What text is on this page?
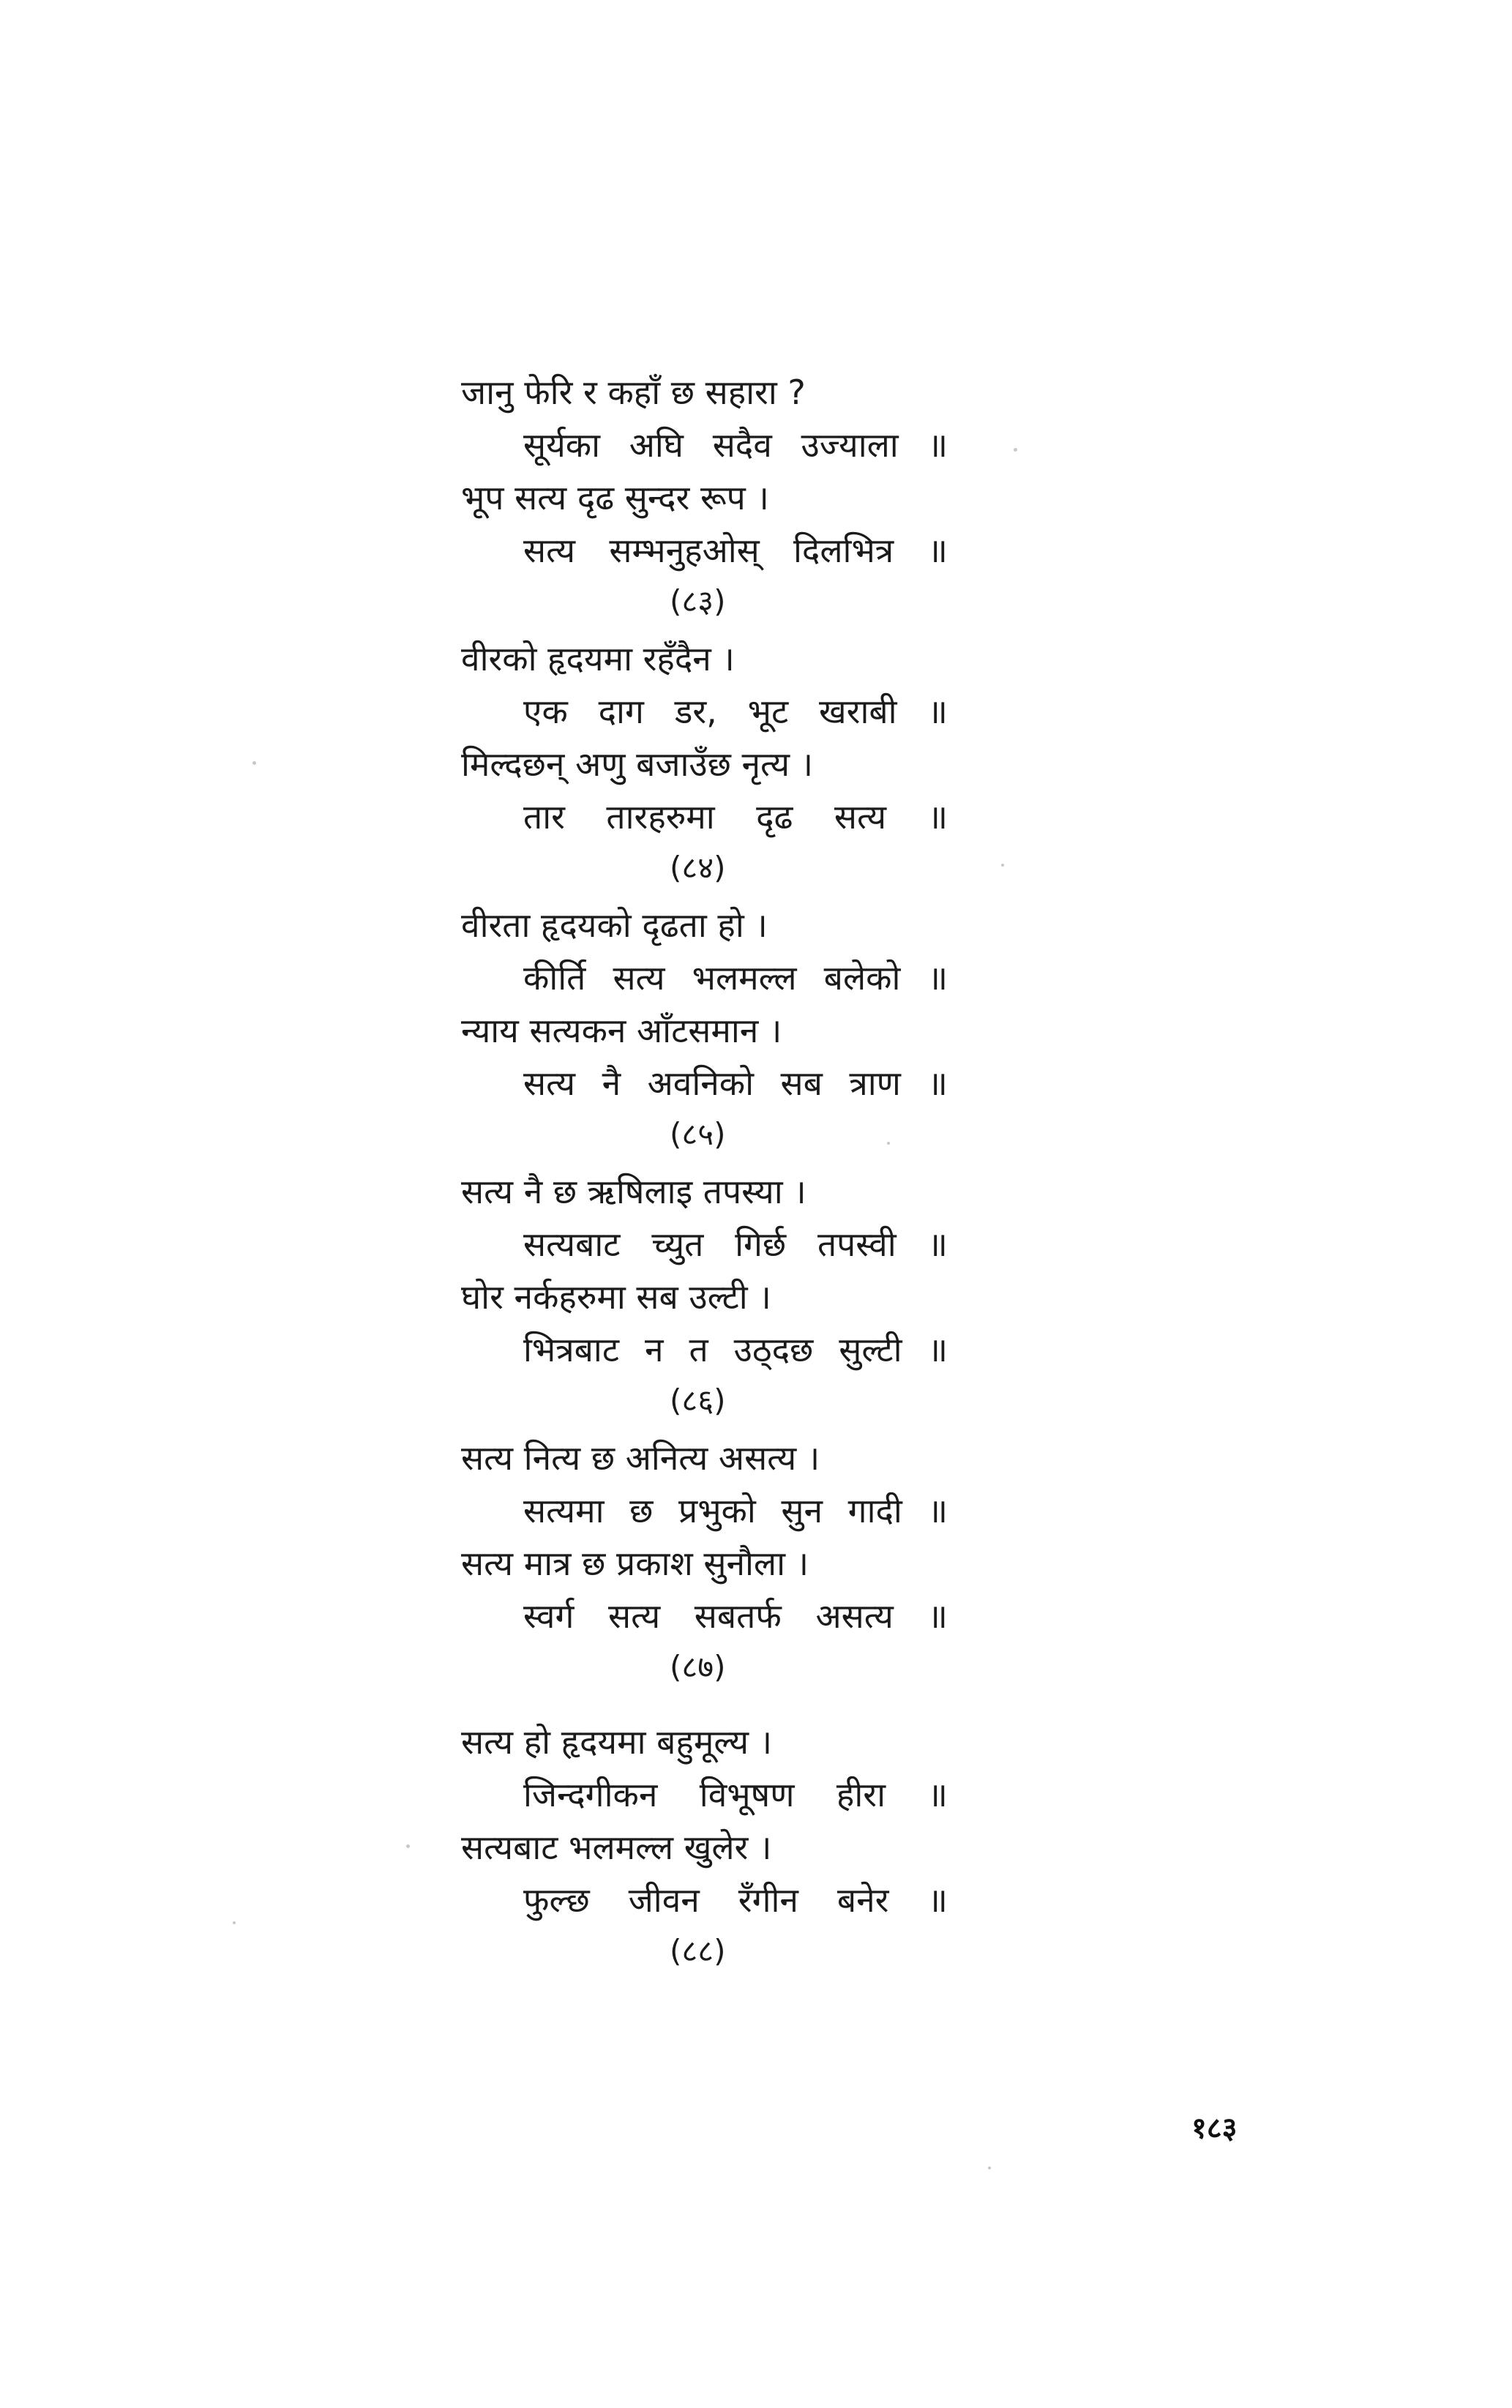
जानु फेरि र कहाँ छ सहारा ?
सूर्यका अघि सदैव उज्याला ॥
भूप सत्य दृढ सुन्दर रूप ।
सत्य सम्भनुहओस् दिलभित्र ॥
(८३)
वीरको हृदयमा रहँदैन ।
एक दाग डर, भूट खराबी ॥
मिल्दछन् अणु बजाउँछ नृत्य ।
तार तारहरुमा दृढ सत्य ॥
(८४)
वीरता हृदयको दृढता हो ।
कीर्ति सत्य भलमल्ल बलेको ॥
न्याय सत्यकन आँटसमान ।
सत्य नै अवनिको सब त्राण ॥
(८५)
सत्य नै छ ऋषिलाइ तपस्या ।
सत्यबाट च्युत गिर्छ तपस्वी ॥
घोर नर्कहरुमा सब उल्टी ।
भित्रबाट न त उठ्दछ सुल्टी ॥
(८६)
सत्य नित्य छ अनित्य असत्य ।
सत्यमा छ प्रभुको सुन गादी ॥
सत्य मात्र छ प्रकाश सुनौला ।
स्वर्ग सत्य सबतर्फ असत्य ॥
(८७)
सत्य हो हृदयमा बहुमूल्य ।
जिन्दगीकन विभूषण हीरा ॥
सत्यबाट भलमल्ल खुलेर ।
फुल्छ जीवन रँगीन बनेर ॥
(८८)
१८३
